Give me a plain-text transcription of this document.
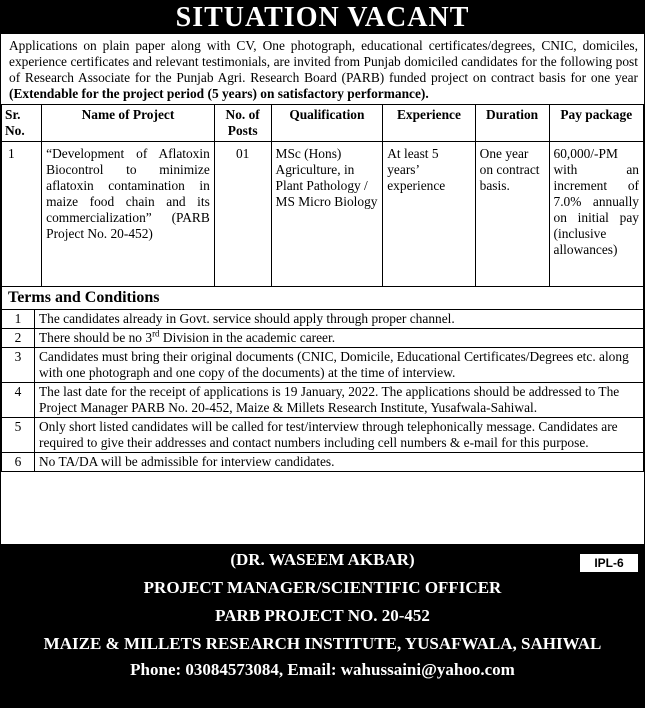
SITUATION VACANT
Applications on plain paper along with CV, One photograph, educational certificates/degrees, CNIC, domiciles, experience certificates and relevant testimonials, are invited from Punjab domiciled candidates for the following post of Research Associate for the Punjab Agri. Research Board (PARB) funded project on contract basis for one year (Extendable for the project period (5 years) on satisfactory performance).
Sr. No.	Name of Project	No. of Posts	Qualification	Experience	Duration	Pay package
1	“Development of Aflatoxin Biocontrol to minimize aflatoxin contamination in maize food chain and its commercialization” (PARB Project No. 20-452)	01	MSc (Hons) Agriculture, in Plant Pathology / MS Micro Biology	At least 5 years’ experience	One year on contract basis.	60,000/-PM with an increment of 7.0% annually on initial pay (inclusive allowances)
Terms and Conditions
1	The candidates already in Govt. service should apply through proper channel.
2	There should be no 3rd Division in the academic career.
3	Candidates must bring their original documents (CNIC, Domicile, Educational Certificates/Degrees etc. along with one photograph and one copy of the documents) at the time of interview.
4	The last date for the receipt of applications is 19 January, 2022. The applications should be addressed to The Project Manager PARB No. 20-452, Maize & Millets Research Institute, Yusafwala-Sahiwal.
5	Only short listed candidates will be called for test/interview through telephonically message. Candidates are required to give their addresses and contact numbers including cell numbers & e-mail for this purpose.
6	No TA/DA will be admissible for interview candidates.
(DR. WASEEM AKBAR)
PROJECT MANAGER/SCIENTIFIC OFFICER
PARB PROJECT NO. 20-452
MAIZE & MILLETS RESEARCH INSTITUTE, YUSAFWALA, SAHIWAL
Phone: 03084573084, Email: wahussaini@yahoo.com
IPL-6
